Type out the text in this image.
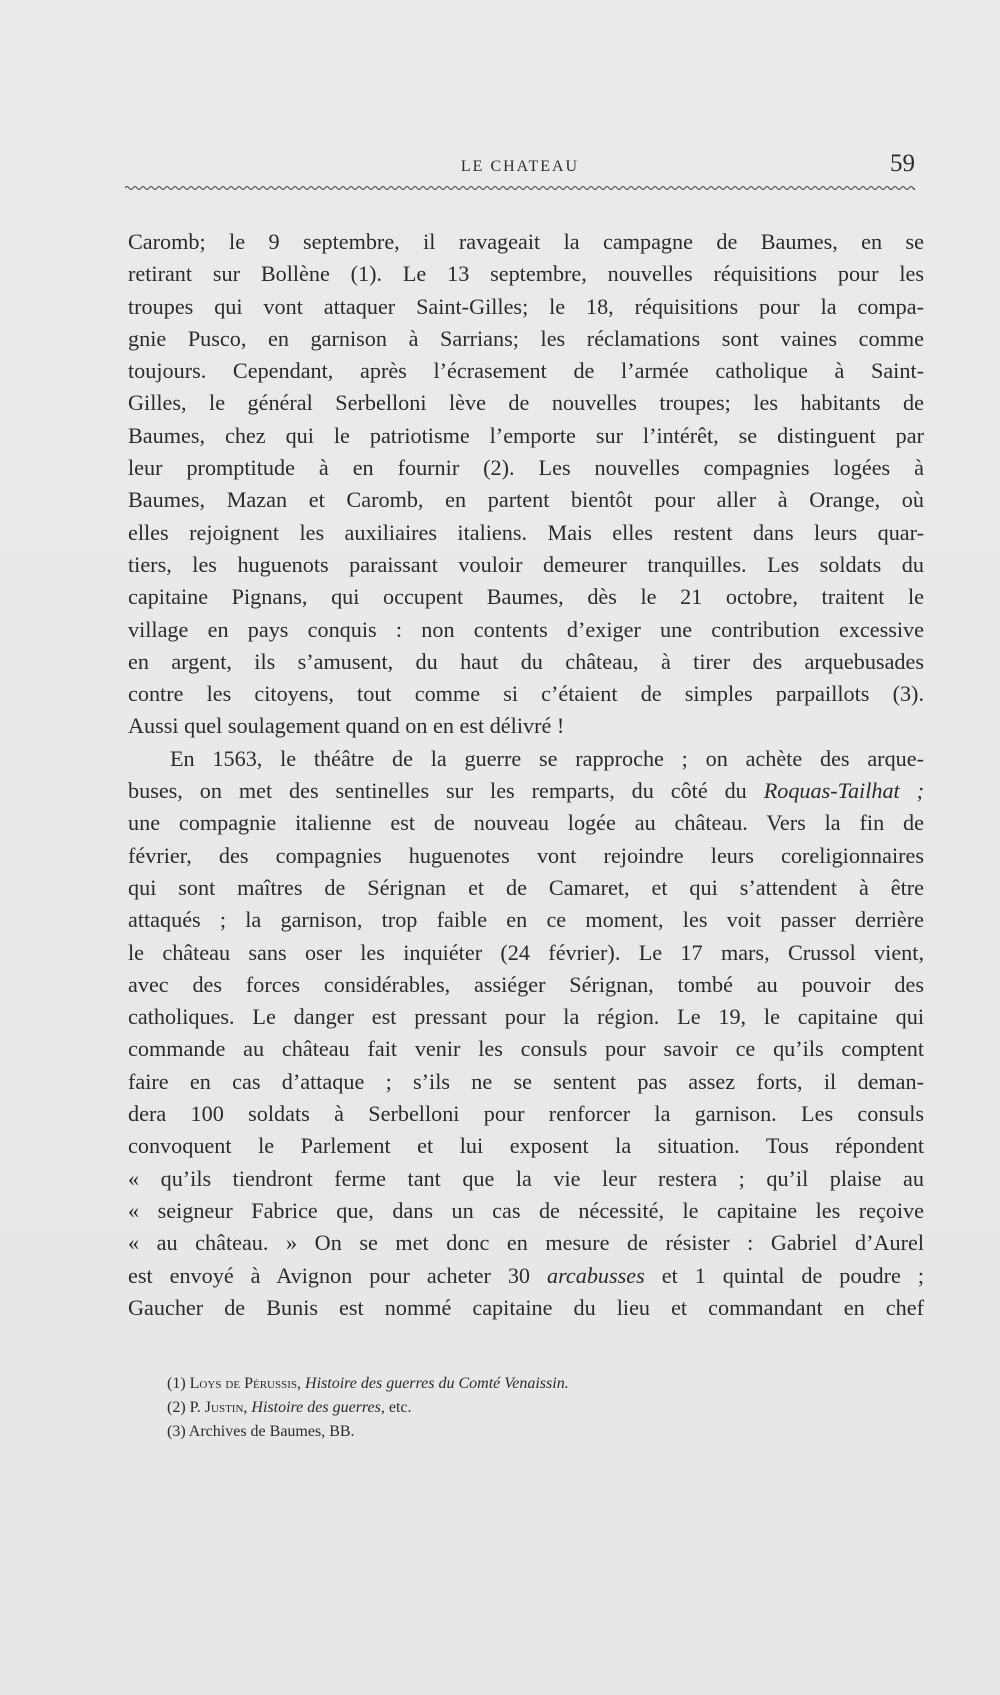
LE CHATEAU	59
Caromb; le 9 septembre, il ravageait la campagne de Baumes, en se
retirant sur Bollène (1). Le 13 septembre, nouvelles réquisitions pour les
troupes qui vont attaquer Saint-Gilles; le 18, réquisitions pour la compa-
gnie Pusco, en garnison à Sarrians; les réclamations sont vaines comme
toujours. Cependant, après l’écrasement de l’armée catholique à Saint-
Gilles, le général Serbelloni lève de nouvelles troupes; les habitants de
Baumes, chez qui le patriotisme l’emporte sur l’intérêt, se distinguent par
leur promptitude à en fournir (2). Les nouvelles compagnies logées à
Baumes, Mazan et Caromb, en partent bientôt pour aller à Orange, où
elles rejoignent les auxiliaires italiens. Mais elles restent dans leurs quar-
tiers, les huguenots paraissant vouloir demeurer tranquilles. Les soldats du
capitaine Pignans, qui occupent Baumes, dès le 21 octobre, traitent le
village en pays conquis : non contents d’exiger une contribution excessive
en argent, ils s’amusent, du haut du château, à tirer des arquebusades
contre les citoyens, tout comme si c’étaient de simples parpaillots (3).
Aussi quel soulagement quand on en est délivré !
En 1563, le théâtre de la guerre se rapproche ; on achète des arque-
buses, on met des sentinelles sur les remparts, du côté du Roquas-Tailhat ;
une compagnie italienne est de nouveau logée au château. Vers la fin de
février, des compagnies huguenotes vont rejoindre leurs coreligionnaires
qui sont maîtres de Sérignan et de Camaret, et qui s’attendent à être
attaqués ; la garnison, trop faible en ce moment, les voit passer derrière
le château sans oser les inquiéter (24 février). Le 17 mars, Crussol vient,
avec des forces considérables, assiéger Sérignan, tombé au pouvoir des
catholiques. Le danger est pressant pour la région. Le 19, le capitaine qui
commande au château fait venir les consuls pour savoir ce qu’ils comptent
faire en cas d’attaque ; s’ils ne se sentent pas assez forts, il deman-
dera 100 soldats à Serbelloni pour renforcer la garnison. Les consuls
convoquent le Parlement et lui exposent la situation. Tous répondent
« qu’ils tiendront ferme tant que la vie leur restera ; qu’il plaise au
« seigneur Fabrice que, dans un cas de nécessité, le capitaine les reçoive
« au château. » On se met donc en mesure de résister : Gabriel d’Aurel
est envoyé à Avignon pour acheter 30 arcabusses et 1 quintal de poudre ;
Gaucher de Bunis est nommé capitaine du lieu et commandant en chef
(1) Loys de Pérussis, Histoire des guerres du Comté Venaissin.
(2) P. Justin, Histoire des guerres, etc.
(3) Archives de Baumes, BB.
